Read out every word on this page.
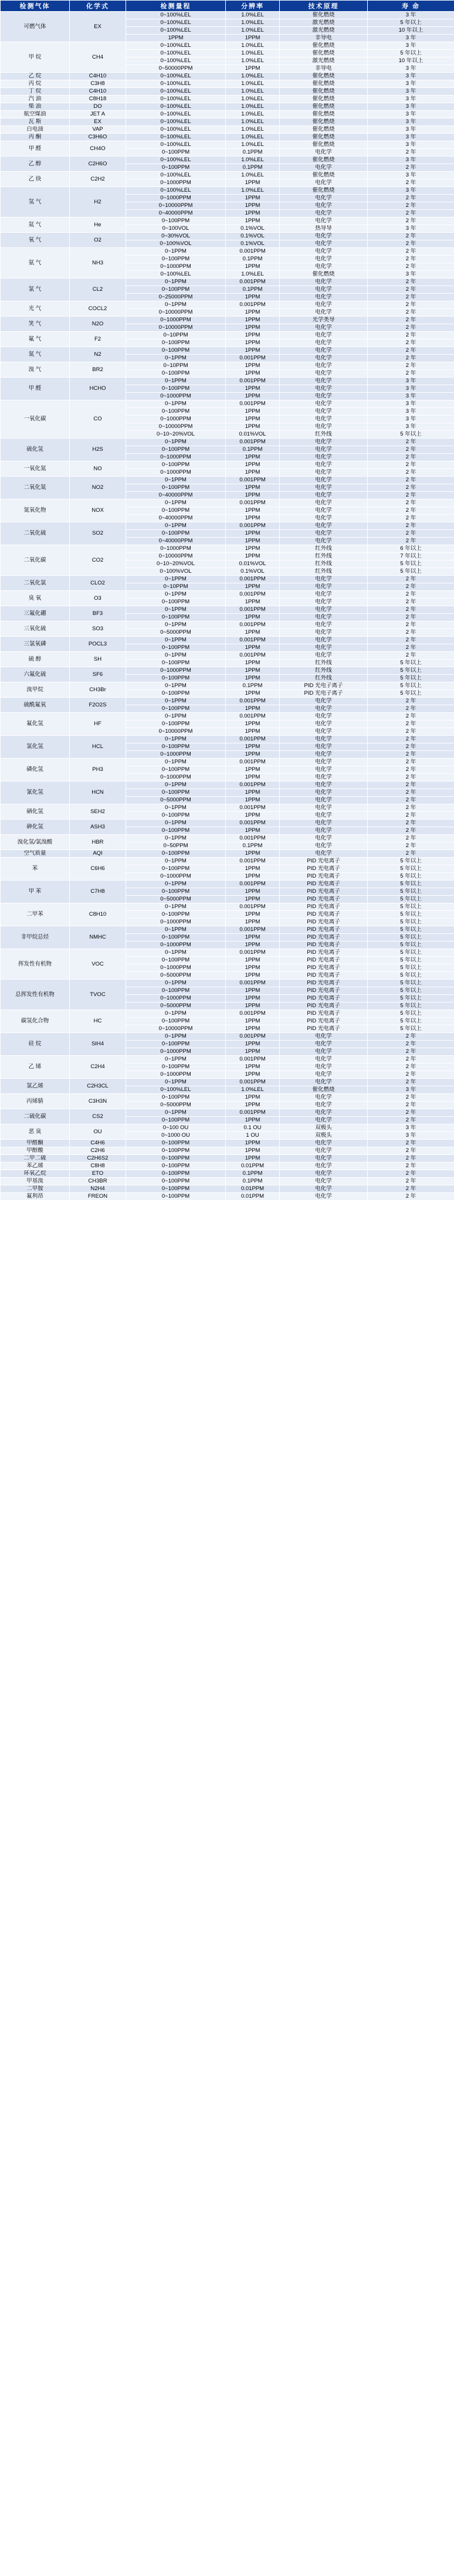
检测气体	化学式	检测量程	分辨率	技术原理	寿 命
可燃气体	EX	0~100%LEL	1.0%LEL	催化燃烧	3 年
		0~100%LEL	1.0%LEL	激光燃烧	5 年以上
		0~100%LEL	1.0%LEL	激光燃烧	10 年以上
		1PPM	1PPM	非导电	3 年
甲 烷	CH4	0~100%LEL	1.0%LEL	催化燃烧	3 年
		0~100%LEL	1.0%LEL	催化燃烧	5 年以上
		0~100%LEL	1.0%LEL	激光燃烧	10 年以上
		0~50000PPM	1PPM	非导电	3 年
乙 烷	C4H10	0~100%LEL	1.0%LEL	催化燃烧	3 年
丙 烷	C3H8	0~100%LEL	1.0%LEL	催化燃烧	3 年
丁 烷	C4H10	0~100%LEL	1.0%LEL	催化燃烧	3 年
汽 油	C8H18	0~100%LEL	1.0%LEL	催化燃烧	3 年
柴 油	DO	0~100%LEL	1.0%LEL	催化燃烧	3 年
航空煤油	JET A	0~100%LEL	1.0%LEL	催化燃烧	3 年
瓦 斯	EX	0~100%LEL	1.0%LEL	催化燃烧	3 年
白电油	VAP	0~100%LEL	1.0%LEL	催化燃烧	3 年
丙 酮	C3H6O	0~100%LEL	1.0%LEL	催化燃烧	3 年
甲 醛	CH4O	0~100%LEL	1.0%LEL	催化燃烧	3 年
		0~100PPM	0.1PPM	电化学	2 年
乙 醇	C2H6O	0~100%LEL	1.0%LEL	催化燃烧	3 年
		0~100PPM	0.1PPM	电化学	2 年
乙 炔	C2H2	0~100%LEL	1.0%LEL	催化燃烧	3 年
		0~1000PPM	1PPM	电化学	2 年
氢 气	H2	0~100%LEL	1.0%LEL	催化燃烧	3 年
		0~1000PPM	1PPM	电化学	2 年
		0~10000PPM	1PPM	电化学	2 年
		0~40000PPM	1PPM	电化学	2 年
氦 气	He	0~100PPM	1PPM	电化学	2 年
		0~100VOL	0.1%VOL	热导导	3 年
氧 气	O2	0~30%VOL	0.1%VOL	电化学	2 年
		0~100%VOL	0.1%VOL	电化学	2 年
氨 气	NH3	0~1PPM	0.001PPM	电化学	2 年
		0~100PPM	0.1PPM	电化学	2 年
		0~1000PPM	1PPM	电化学	2 年
		0~100%LEL	1.0%LEL	催化燃烧	3 年
氯 气	CL2	0~1PPM	0.001PPM	电化学	2 年
		0~100PPM	0.1PPM	电化学	2 年
		0~25000PPM	1PPM	电化学	2 年
光 气	COCL2	0~1PPM	0.001PPM	电化学	2 年
		0~10000PPM	1PPM	电化学	2 年
笑 气	N2O	0~1000PPM	1PPM	光学类导	2 年
		0~10000PPM	1PPM	电化学	2 年
氟 气	F2	0~10PPM	1PPM	电化学	2 年
		0~100PPM	1PPM	电化学	2 年
氮 气	N2	0~100PPM	1PPM	电化学	2 年
		0~1PPM	0.001PPM	电化学	2 年
溴 气	BR2	0~10PPM	1PPM	电化学	2 年
		0~100PPM	1PPM	电化学	2 年
甲 醛	HCHO	0~1PPM	0.001PPM	电化学	3 年
		0~100PPM	1PPM	电化学	3 年
		0~1000PPM	1PPM	电化学	3 年
一氧化碳	CO	0~1PPM	0.001PPM	电化学	3 年
		0~100PPM	1PPM	电化学	3 年
		0~1000PPM	1PPM	电化学	3 年
		0~10000PPM	1PPM	电化学	3 年
		0~10~20%VOL	0.01%VOL	红外线	5 年以上
硫化氢	H2S	0~1PPM	0.001PPM	电化学	2 年
		0~100PPM	0.1PPM	电化学	2 年
		0~1000PPM	1PPM	电化学	2 年
一氧化氮	NO	0~100PPM	1PPM	电化学	2 年
		0~1000PPM	1PPM	电化学	2 年
二氧化氮	NO2	0~1PPM	0.001PPM	电化学	2 年
		0~100PPM	1PPM	电化学	2 年
		0~40000PPM	1PPM	电化学	2 年
氮氧化物	NOX	0~1PPM	0.001PPM	电化学	2 年
		0~100PPM	1PPM	电化学	2 年
		0~40000PPM	1PPM	电化学	2 年
二氧化硫	SO2	0~1PPM	0.001PPM	电化学	2 年
		0~100PPM	1PPM	电化学	2 年
		0~40000PPM	1PPM	电化学	2 年
二氧化碳	CO2	0~1000PPM	1PPM	红外线	6 年以上
		0~10000PPM	1PPM	红外线	7 年以上
		0~10~20%VOL	0.01%VOL	红外线	5 年以上
		0~100%VOL	0.1%VOL	红外线	5 年以上
二氧化氯	CLO2	0~1PPM	0.001PPM	电化学	2 年
		0~10PPM	1PPM	电化学	2 年
臭 氧	O3	0~1PPM	0.001PPM	电化学	2 年
		0~100PPM	1PPM	电化学	2 年
三氟化硼	BF3	0~1PPM	0.001PPM	电化学	2 年
		0~100PPM	1PPM	电化学	2 年
三氧化硫	SO3	0~1PPM	0.001PPM	电化学	2 年
		0~5000PPM	1PPM	电化学	2 年
三氯氧磷	POCL3	0~1PPM	0.001PPM	电化学	2 年
		0~100PPM	1PPM	电化学	2 年
硫 醇	SH	0~1PPM	0.001PPM	电化学	2 年
		0~100PPM	1PPM	红外线	5 年以上
六氟化硫	SF6	0~1000PPM	1PPM	红外线	5 年以上
		0~100PPM	1PPM	红外线	5 年以上
溴甲烷	CH3Br	0~1PPM	0.1PPM	PID 光电子离子	5 年以上
		0~100PPM	1PPM	PID 光电子离子	5 年以上
硫酰氟氧	F2O2S	0~1PPM	0.001PPM	电化学	2 年
		0~100PPM	1PPM	电化学	2 年
氟化氢	HF	0~1PPM	0.001PPM	电化学	2 年
		0~100PPM	1PPM	电化学	2 年
		0~10000PPM	1PPM	电化学	2 年
氯化氢	HCL	0~1PPM	0.001PPM	电化学	2 年
		0~100PPM	1PPM	电化学	2 年
		0~1000PPM	1PPM	电化学	2 年
磷化氢	PH3	0~1PPM	0.001PPM	电化学	2 年
		0~100PPM	1PPM	电化学	2 年
		0~1000PPM	1PPM	电化学	2 年
氰化氢	HCN	0~1PPM	0.001PPM	电化学	2 年
		0~100PPM	1PPM	电化学	2 年
		0~5000PPM	1PPM	电化学	2 年
硒化氢	SEH2	0~1PPM	0.001PPM	电化学	2 年
		0~100PPM	1PPM	电化学	2 年
砷化氢	ASH3	0~1PPM	0.001PPM	电化学	2 年
		0~100PPM	1PPM	电化学	2 年
溴化氢/氯溴酸	HBR	0~1PPM	0.001PPM	电化学	2 年
		0~50PPM	0.1PPM	电化学	2 年
空气质量	AQI	0~100PPM	1PPM	电化学	2 年
苯	C6H6	0~1PPM	0.001PPM	PID 光电离子	5 年以上
		0~100PPM	1PPM	PID 光电离子	5 年以上
		0~1000PPM	1PPM	PID 光电离子	5 年以上
甲 苯	C7H8	0~1PPM	0.001PPM	PID 光电离子	5 年以上
		0~100PPM	1PPM	PID 光电离子	5 年以上
		0~5000PPM	1PPM	PID 光电离子	5 年以上
二甲苯	C8H10	0~1PPM	0.001PPM	PID 光电离子	5 年以上
		0~100PPM	1PPM	PID 光电离子	5 年以上
		0~1000PPM	1PPM	PID 光电离子	5 年以上
非甲烷总烃	NMHC	0~1PPM	0.001PPM	PID 光电离子	5 年以上
		0~100PPM	1PPM	PID 光电离子	5 年以上
		0~1000PPM	1PPM	PID 光电离子	5 年以上
挥发性有机物	VOC	0~1PPM	0.001PPM	PID 光电离子	5 年以上
		0~100PPM	1PPM	PID 光电离子	5 年以上
		0~1000PPM	1PPM	PID 光电离子	5 年以上
		0~5000PPM	1PPM	PID 光电离子	5 年以上
总挥发性有机物	TVOC	0~1PPM	0.001PPM	PID 光电离子	5 年以上
		0~100PPM	1PPM	PID 光电离子	5 年以上
		0~1000PPM	1PPM	PID 光电离子	5 年以上
		0~5000PPM	1PPM	PID 光电离子	5 年以上
碳氢化合物	HC	0~1PPM	0.001PPM	PID 光电离子	5 年以上
		0~100PPM	1PPM	PID 光电离子	5 年以上
		0~10000PPM	1PPM	PID 光电离子	5 年以上
硅 烷	SIH4	0~1PPM	0.001PPM	电化学	2 年
		0~100PPM	1PPM	电化学	2 年
		0~1000PPM	1PPM	电化学	2 年
乙 烯	C2H4	0~1PPM	0.001PPM	电化学	2 年
		0~100PPM	1PPM	电化学	2 年
		0~1000PPM	1PPM	电化学	2 年
氯乙烯	C2H3CL	0~1PPM	0.001PPM	电化学	2 年
		0~100%LEL	1.0%LEL	催化燃烧	3 年
丙烯腈	C3H3N	0~100PPM	1PPM	电化学	2 年
		0~5000PPM	1PPM	电化学	2 年
二硫化碳	CS2	0~1PPM	0.001PPM	电化学	2 年
		0~100PPM	1PPM	电化学	2 年
恶 臭	OU	0~100 OU	0.1 OU	双极头	3 年
		0~1000 OU	1 OU	双极头	3 年
甲醛酮	C4H6	0~100PPM	1PPM	电化学	2 年
甲醇酸	C2H6	0~100PPM	1PPM	电化学	2 年
二甲二硫	C2H6S2	0~100PPM	1PPM	电化学	2 年
苯乙烯	C8H8	0~100PPM	0.01PPM	电化学	2 年
环氧乙烷	ETO	0~100PPM	0.1PPM	电化学	2 年
甲基溴	CH3BR	0~100PPM	0.1PPM	电化学	2 年
二甲胺	N2H4	0~100PPM	0.01PPM	电化学	2 年
氟利昂	FREON	0~100PPM	0.01PPM	电化学	2 年
